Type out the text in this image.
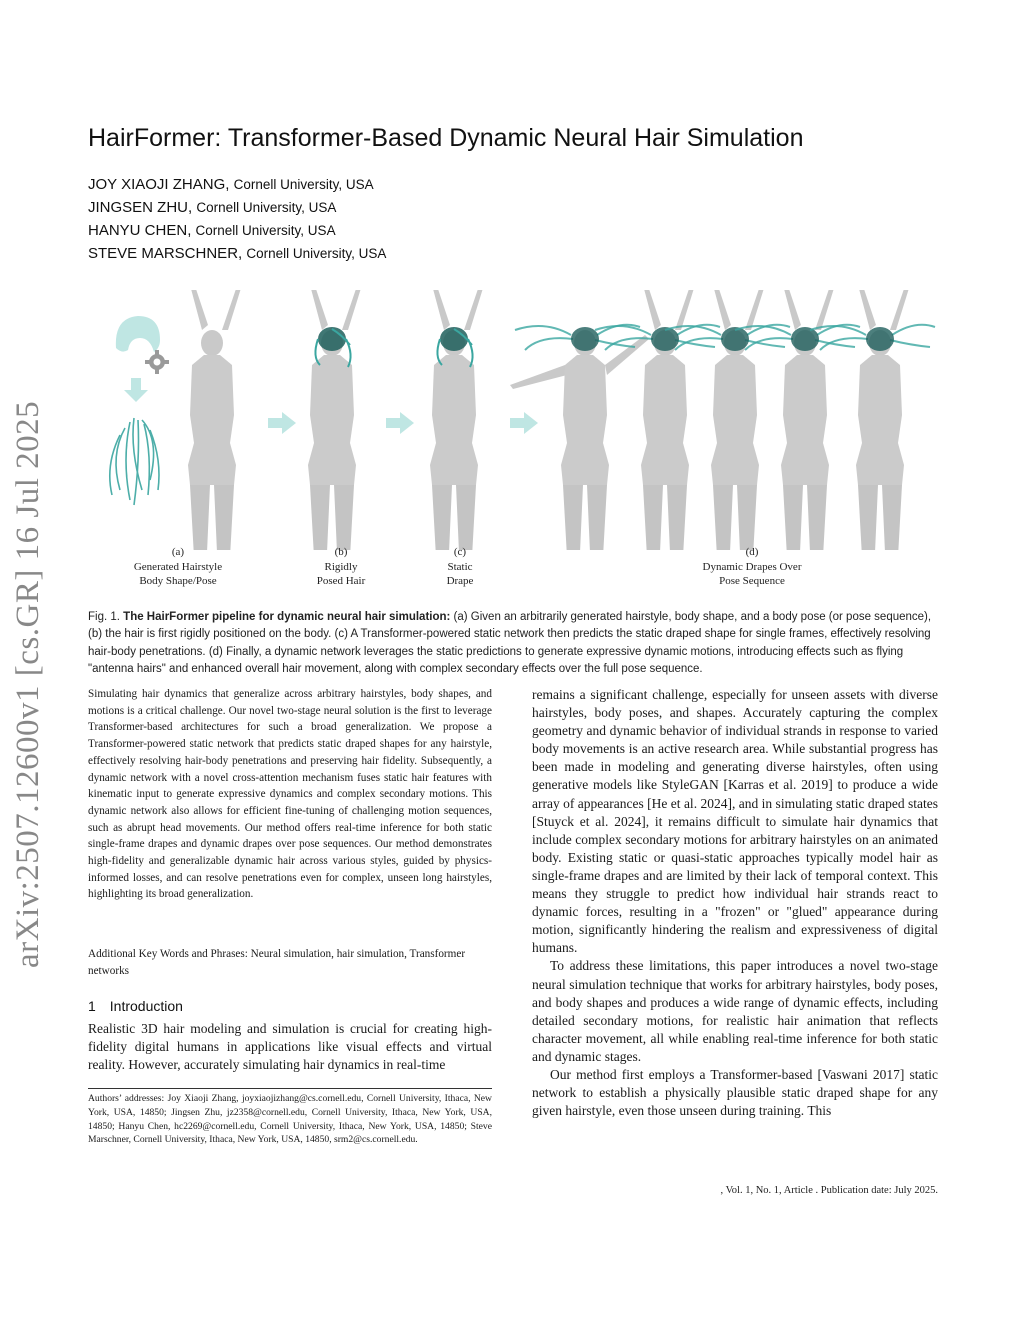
arXiv:2507.12600v1 [cs.GR] 16 Jul 2025
HairFormer: Transformer-Based Dynamic Neural Hair Simulation
JOY XIAOJI ZHANG, Cornell University, USA
JINGSEN ZHU, Cornell University, USA
HANYU CHEN, Cornell University, USA
STEVE MARSCHNER, Cornell University, USA
(a)
Generated Hairstyle
Body Shape/Pose
(b)
Rigidly
Posed Hair
(c)
Static
Drape
(d)
Dynamic Drapes Over
Pose Sequence
Fig. 1. The HairFormer pipeline for dynamic neural hair simulation: (a) Given an arbitrarily generated hairstyle, body shape, and a body pose (or pose sequence), (b) the hair is first rigidly positioned on the body. (c) A Transformer-powered static network then predicts the static draped shape for single frames, effectively resolving hair-body penetrations. (d) Finally, a dynamic network leverages the static predictions to generate expressive dynamic motions, introducing effects such as flying "antenna hairs" and enhanced overall hair movement, along with complex secondary effects over the full pose sequence.
Simulating hair dynamics that generalize across arbitrary hairstyles, body shapes, and motions is a critical challenge. Our novel two-stage neural solution is the first to leverage Transformer-based architectures for such a broad generalization. We propose a Transformer-powered static network that predicts static draped shapes for any hairstyle, effectively resolving hair-body penetrations and preserving hair fidelity. Subsequently, a dynamic network with a novel cross-attention mechanism fuses static hair features with kinematic input to generate expressive dynamics and complex secondary motions. This dynamic network also allows for efficient fine-tuning of challenging motion sequences, such as abrupt head movements. Our method offers real-time inference for both static single-frame drapes and dynamic drapes over pose sequences. Our method demonstrates high-fidelity and generalizable dynamic hair across various styles, guided by physics-informed losses, and can resolve penetrations even for complex, unseen long hairstyles, highlighting its broad generalization.
Additional Key Words and Phrases: Neural simulation, hair simulation, Transformer networks
1 Introduction
Realistic 3D hair modeling and simulation is crucial for creating high-fidelity digital humans in applications like visual effects and virtual reality. However, accurately simulating hair dynamics in real-time
Authors’ addresses: Joy Xiaoji Zhang, joyxiaojizhang@cs.cornell.edu, Cornell University, Ithaca, New York, USA, 14850; Jingsen Zhu, jz2358@cornell.edu, Cornell University, Ithaca, New York, USA, 14850; Hanyu Chen, hc2269@cornell.edu, Cornell University, Ithaca, New York, USA, 14850; Steve Marschner, Cornell University, Ithaca, New York, USA, 14850, srm2@cs.cornell.edu.

remains a significant challenge, especially for unseen assets with diverse hairstyles, body poses, and shapes. Accurately capturing the complex geometry and dynamic behavior of individual strands in response to varied body movements is an active research area. While substantial progress has been made in modeling and generating diverse hairstyles, often using generative models like StyleGAN [Karras et al. 2019] to produce a wide array of appearances [He et al. 2024], and in simulating static draped states [Stuyck et al. 2024], it remains difficult to simulate hair dynamics that include complex secondary motions for arbitrary hairstyles on an animated body. Existing static or quasi-static approaches typically model hair as single-frame drapes and are limited by their lack of temporal context. This means they struggle to predict how individual hair strands react to dynamic forces, resulting in a "frozen" or "glued" appearance during motion, significantly hindering the realism and expressiveness of digital humans.

To address these limitations, this paper introduces a novel two-stage neural simulation technique that works for arbitrary hairstyles, body poses, and body shapes and produces a wide range of dynamic effects, including detailed secondary motions, for realistic hair animation that reflects character movement, all while enabling real-time inference for both static and dynamic stages.

Our method first employs a Transformer-based [Vaswani 2017] static network to establish a physically plausible static draped shape for any given hairstyle, even those unseen during training. This

, Vol. 1, No. 1, Article . Publication date: July 2025.
